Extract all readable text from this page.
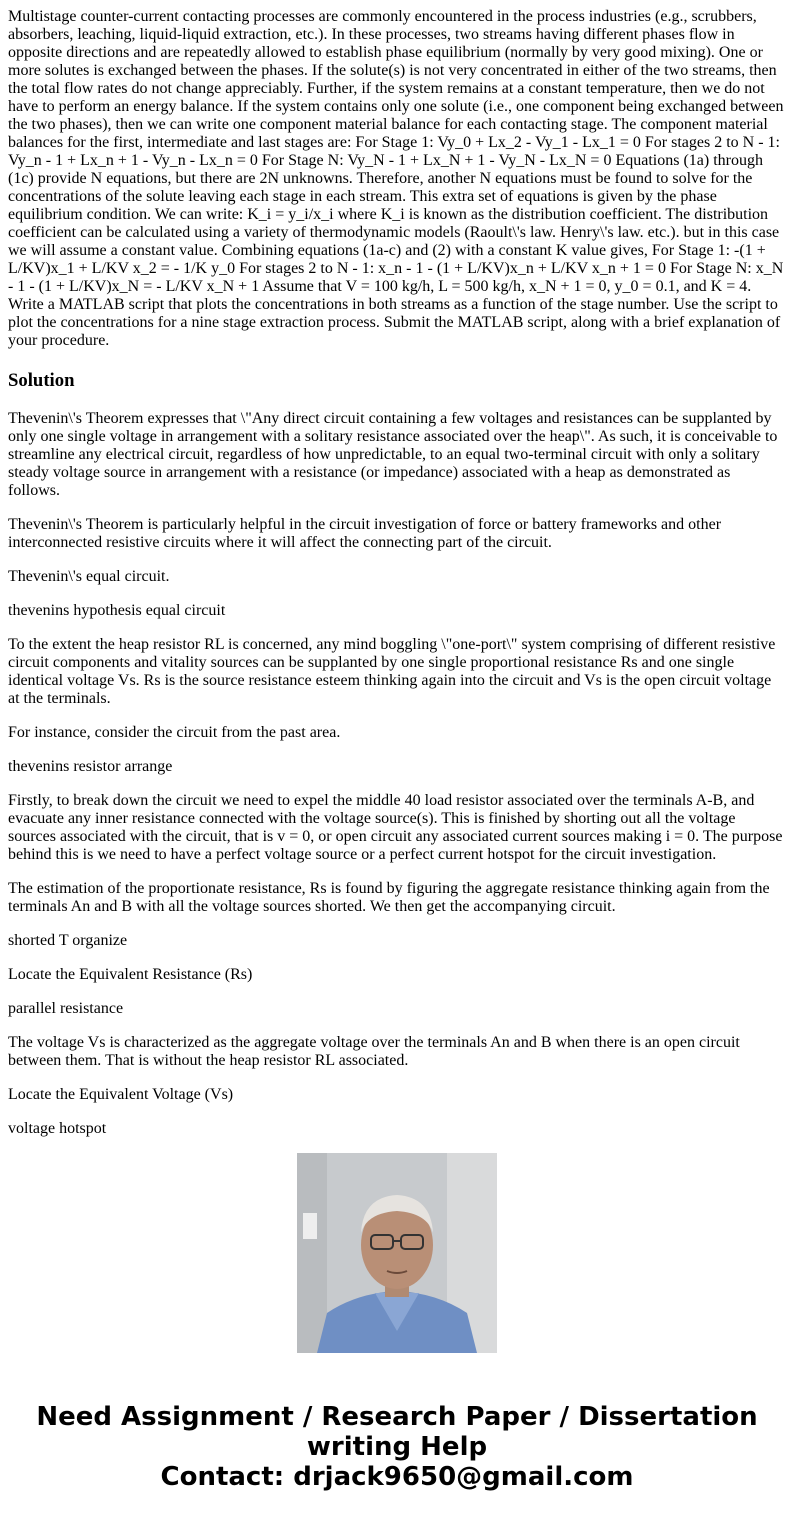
Multistage counter-current contacting processes are commonly encountered in the process industries (e.g., scrubbers, absorbers, leaching, liquid-liquid extraction, etc.). In these processes, two streams having different phases flow in opposite directions and are repeatedly allowed to establish phase equilibrium (normally by very good mixing). One or more solutes is exchanged between the phases. If the solute(s) is not very concentrated in either of the two streams, then the total flow rates do not change appreciably. Further, if the system remains at a constant temperature, then we do not have to perform an energy balance. If the system contains only one solute (i.e., one component being exchanged between the two phases), then we can write one component material balance for each contacting stage. The component material balances for the first, intermediate and last stages are: For Stage 1: Vy_0 + Lx_2 - Vy_1 - Lx_1 = 0 For stages 2 to N - 1: Vy_n - 1 + Lx_n + 1 - Vy_n - Lx_n = 0 For Stage N: Vy_N - 1 + Lx_N + 1 - Vy_N - Lx_N = 0 Equations (1a) through (1c) provide N equations, but there are 2N unknowns. Therefore, another N equations must be found to solve for the concentrations of the solute leaving each stage in each stream. This extra set of equations is given by the phase equilibrium condition. We can write: K_i = y_i/x_i where K_i is known as the distribution coefficient. The distribution coefficient can be calculated using a variety of thermodynamic models (Raoult\'s law. Henry\'s law. etc.). but in this case we will assume a constant value. Combining equations (1a-c) and (2) with a constant K value gives, For Stage 1: -(1 + L/KV)x_1 + L/KV x_2 = - 1/K y_0 For stages 2 to N - 1: x_n - 1 - (1 + L/KV)x_n + L/KV x_n + 1 = 0 For Stage N: x_N - 1 - (1 + L/KV)x_N = - L/KV x_N + 1 Assume that V = 100 kg/h, L = 500 kg/h, x_N + 1 = 0, y_0 = 0.1, and K = 4. Write a MATLAB script that plots the concentrations in both streams as a function of the stage number. Use the script to plot the concentrations for a nine stage extraction process. Submit the MATLAB script, along with a brief explanation of your procedure.

Solution

Thevenin\'s Theorem expresses that \"Any direct circuit containing a few voltages and resistances can be supplanted by only one single voltage in arrangement with a solitary resistance associated over the heap\". As such, it is conceivable to streamline any electrical circuit, regardless of how unpredictable, to an equal two-terminal circuit with only a solitary steady voltage source in arrangement with a resistance (or impedance) associated with a heap as demonstrated as follows.

Thevenin\'s Theorem is particularly helpful in the circuit investigation of force or battery frameworks and other interconnected resistive circuits where it will affect the connecting part of the circuit.

Thevenin\'s equal circuit.

thevenins hypothesis equal circuit

To the extent the heap resistor RL is concerned, any mind boggling \"one-port\" system comprising of different resistive circuit components and vitality sources can be supplanted by one single proportional resistance Rs and one single identical voltage Vs. Rs is the source resistance esteem thinking again into the circuit and Vs is the open circuit voltage at the terminals.

For instance, consider the circuit from the past area.

thevenins resistor arrange

Firstly, to break down the circuit we need to expel the middle 40 load resistor associated over the terminals A-B, and evacuate any inner resistance connected with the voltage source(s). This is finished by shorting out all the voltage sources associated with the circuit, that is v = 0, or open circuit any associated current sources making i = 0. The purpose behind this is we need to have a perfect voltage source or a perfect current hotspot for the circuit investigation.

The estimation of the proportionate resistance, Rs is found by figuring the aggregate resistance thinking again from the terminals An and B with all the voltage sources shorted. We then get the accompanying circuit.

shorted T organize

Locate the Equivalent Resistance (Rs)

parallel resistance

The voltage Vs is characterized as the aggregate voltage over the terminals An and B when there is an open circuit between them. That is without the heap resistor RL associated.

Locate the Equivalent Voltage (Vs)

voltage hotspot

Need Assignment / Research Paper / Dissertation
writing Help
Contact: drjack9650@gmail.com
